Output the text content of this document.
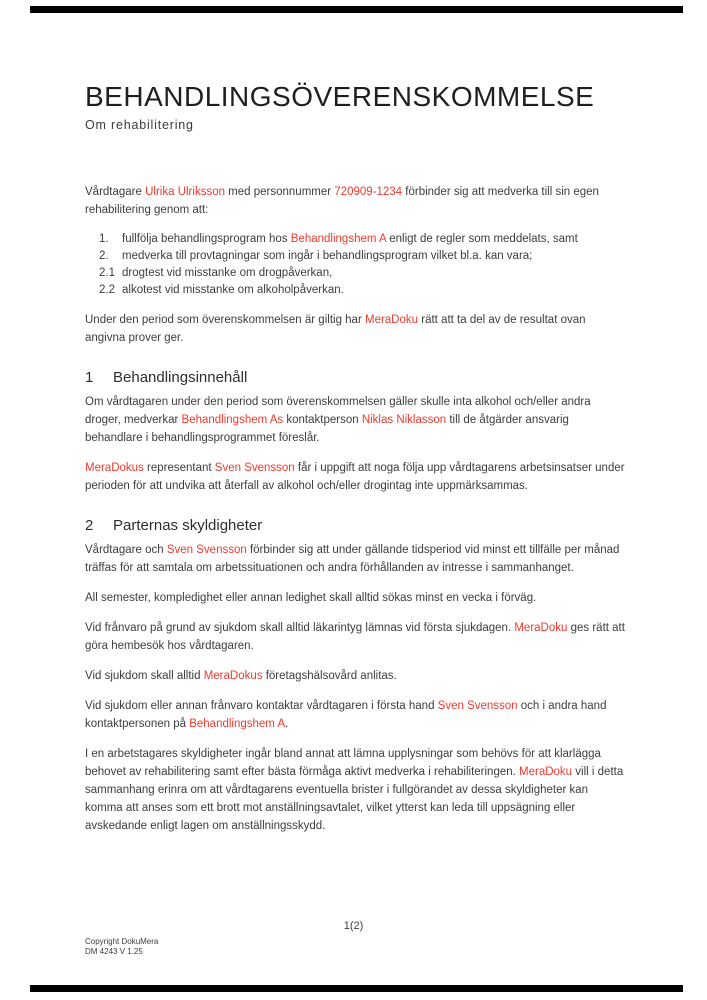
BEHANDLINGSÖVERENSKOMMELSE
Om rehabilitering

Vårdtagare Ulrika Ulriksson med personnummer 720909-1234 förbinder sig att medverka till sin egen rehabilitering genom att:

1.	fullfölja behandlingsprogram hos Behandlingshem A enligt de regler som meddelats, samt
2.	medverka till provtagningar som ingår i behandlingsprogram vilket bl.a. kan vara;
2.1 drogtest vid misstanke om drogpåverkan,
2.2 alkotest vid misstanke om alkoholpåverkan.

Under den period som överenskommelsen är giltig har MeraDoku rätt att ta del av de resultat ovan angivna prover ger.

1	Behandlingsinnehåll

Om vårdtagaren under den period som överenskommelsen gäller skulle inta alkohol och/eller andra droger, medverkar Behandlingshem As kontaktperson Niklas Niklasson till de åtgärder ansvarig behandlare i behandlingsprogrammet föreslår.

MeraDokus representant Sven Svensson får i uppgift att noga följa upp vårdtagarens arbetsinsatser under perioden för att undvika att återfall av alkohol och/eller drogintag inte uppmärksammas.

2	Parternas skyldigheter

Vårdtagare och Sven Svensson förbinder sig att under gällande tidsperiod vid minst ett tillfälle per månad träffas för att samtala om arbetssituationen och andra förhållanden av intresse i sammanhanget.

All semester, kompledighet eller annan ledighet skall alltid sökas minst en vecka i förväg.

Vid frånvaro på grund av sjukdom skall alltid läkarintyg lämnas vid första sjukdagen. MeraDoku ges rätt att göra hembesök hos vårdtagaren.

Vid sjukdom skall alltid MeraDokus företagshälsovård anlitas.

Vid sjukdom eller annan frånvaro kontaktar vårdtagaren i första hand Sven Svensson och i andra hand kontaktpersonen på Behandlingshem A.

I en arbetstagares skyldigheter ingår bland annat att lämna upplysningar som behövs för att klarlägga behovet av rehabilitering samt efter bästa förmåga aktivt medverka i rehabiliteringen. MeraDoku vill i detta sammanhang erinra om att vårdtagarens eventuella brister i fullgörandet av dessa skyldigheter kan komma att anses som ett brott mot anställningsavtalet, vilket ytterst kan leda till uppsägning eller avskedande enligt lagen om anställningsskydd.

1(2)
Copyright DokuMera
DM 4243 V 1.25
